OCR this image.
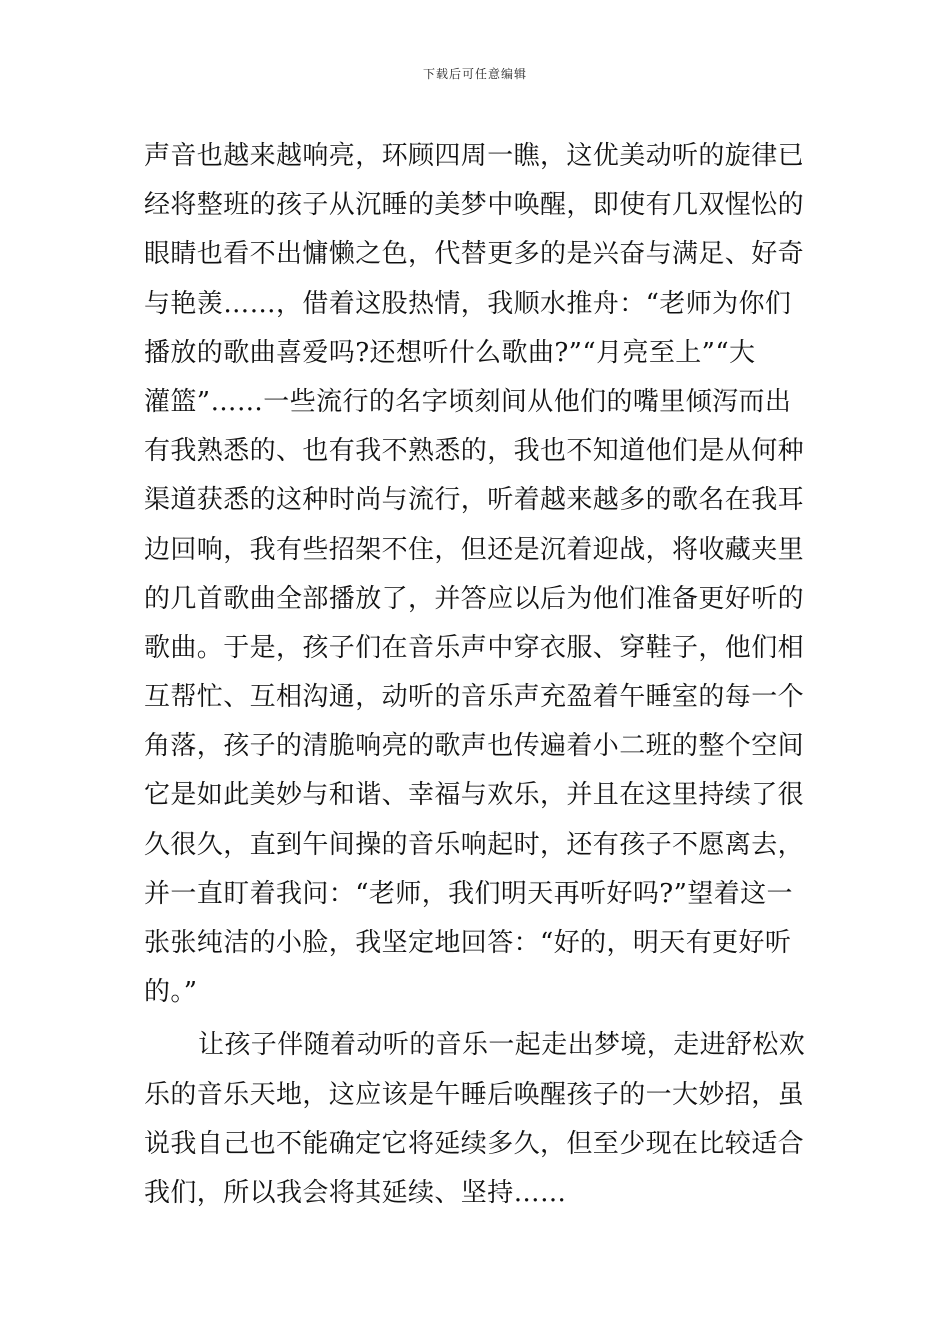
下载后可任意编辑
声音也越来越响亮，环顾四周一瞧，这优美动听的旋律已
经将整班的孩子从沉睡的美梦中唤醒，即使有几双惺忪的
眼睛也看不出慵懒之色，代替更多的是兴奋与满足、好奇
与艳羡……，借着这股热情，我顺水推舟：“老师为你们
播放的歌曲喜爱吗?还想听什么歌曲?”“月亮至上”“大
灌篮”……一些流行的名字顷刻间从他们的嘴里倾泻而出
有我熟悉的、也有我不熟悉的，我也不知道他们是从何种
渠道获悉的这种时尚与流行，听着越来越多的歌名在我耳
边回响，我有些招架不住，但还是沉着迎战，将收藏夹里
的几首歌曲全部播放了，并答应以后为他们准备更好听的
歌曲。于是，孩子们在音乐声中穿衣服、穿鞋子，他们相
互帮忙、互相沟通，动听的音乐声充盈着午睡室的每一个
角落，孩子的清脆响亮的歌声也传遍着小二班的整个空间
它是如此美妙与和谐、幸福与欢乐，并且在这里持续了很
久很久，直到午间操的音乐响起时，还有孩子不愿离去，
并一直盯着我问：“老师，我们明天再听好吗?”望着这一
张张纯洁的小脸，我坚定地回答：“好的，明天有更好听
的。”
让孩子伴随着动听的音乐一起走出梦境，走进舒松欢
乐的音乐天地，这应该是午睡后唤醒孩子的一大妙招，虽
说我自己也不能确定它将延续多久，但至少现在比较适合
我们，所以我会将其延续、坚持……
